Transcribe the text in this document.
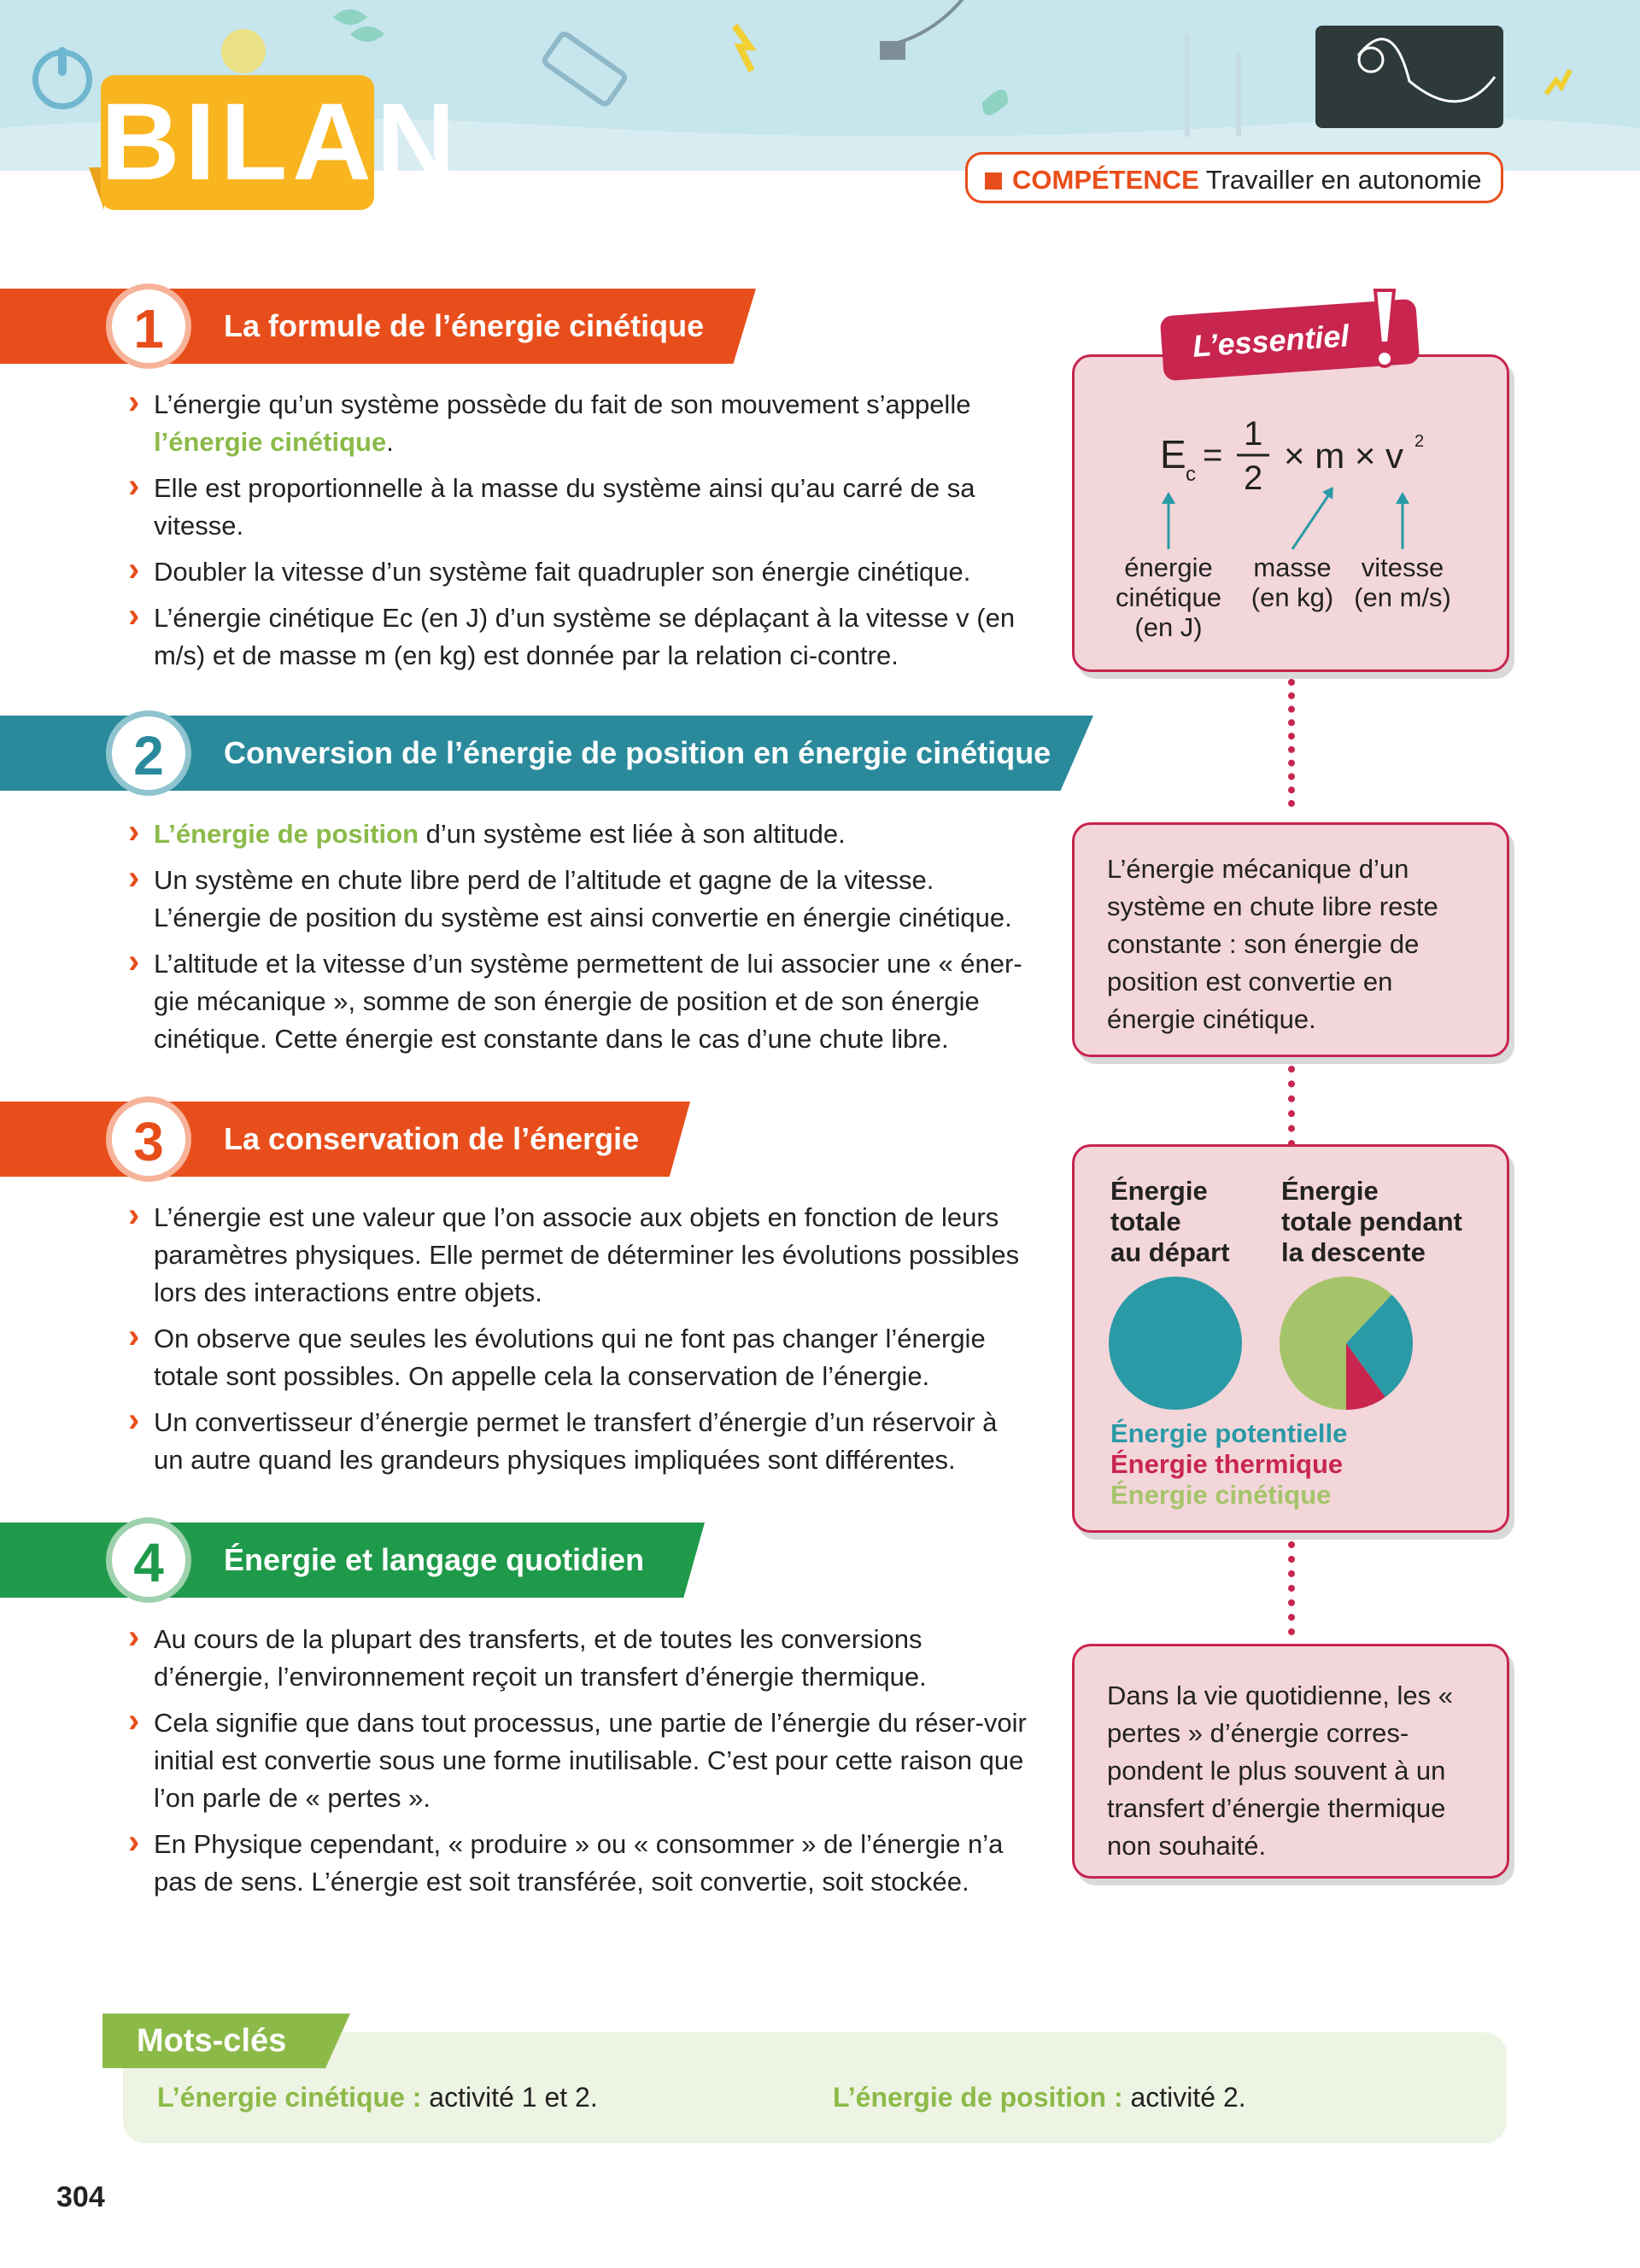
BILAN	COMPÉTENCE Travailler en autonomie
1	La formule de l’énergie cinétique
› L’énergie qu’un système possède du fait de son mouvement s’appelle l’énergie cinétique.
› Elle est proportionnelle à la masse du système ainsi qu’au carré de sa vitesse.
› Doubler la vitesse d’un système fait quadrupler son énergie cinétique.
› L’énergie cinétique Ec (en J) d’un système se déplaçant à la vitesse v (en m/s) et de masse m (en kg) est donnée par la relation ci-contre.
2	Conversion de l’énergie de position en énergie cinétique
› L’énergie de position d’un système est liée à son altitude.
› Un système en chute libre perd de l’altitude et gagne de la vitesse. L’énergie de position du système est ainsi convertie en énergie cinétique.
› L’altitude et la vitesse d’un système permettent de lui associer une « éner-gie mécanique », somme de son énergie de position et de son énergie cinétique. Cette énergie est constante dans le cas d’une chute libre.
3	La conservation de l’énergie
› L’énergie est une valeur que l’on associe aux objets en fonction de leurs paramètres physiques. Elle permet de déterminer les évolutions possibles lors des interactions entre objets.
› On observe que seules les évolutions qui ne font pas changer l’énergie totale sont possibles. On appelle cela la conservation de l’énergie.
› Un convertisseur d’énergie permet le transfert d’énergie d’un réservoir à un autre quand les grandeurs physiques impliquées sont différentes.
4	Énergie et langage quotidien
› Au cours de la plupart des transferts, et de toutes les conversions d’énergie, l’environnement reçoit un transfert d’énergie thermique.
› Cela signifie que dans tout processus, une partie de l’énergie du réser-voir initial est convertie sous une forme inutilisable. C’est pour cette raison que l’on parle de « pertes ».
› En Physique cependant, « produire » ou « consommer » de l’énergie n’a pas de sens. L’énergie est soit transférée, soit convertie, soit stockée.
E c
=
1
2
× m × v 2
énergie
cinétique
(en J)
masse
(en kg)
vitesse
(en m/s)
L’essentiel
L’énergie mécanique d’un système en chute libre reste constante : son énergie de position est convertie en énergie cinétique.
Énergie
totale
au départ
Énergie
totale pendant
la descente
Énergie potentielle
Énergie thermique
Énergie cinétique
Dans la vie quotidienne, les « pertes » d’énergie corres-pondent le plus souvent à un transfert d’énergie thermique non souhaité.
Mots-clés
L’énergie cinétique : activité 1 et 2.	L’énergie de position : activité 2.
304
